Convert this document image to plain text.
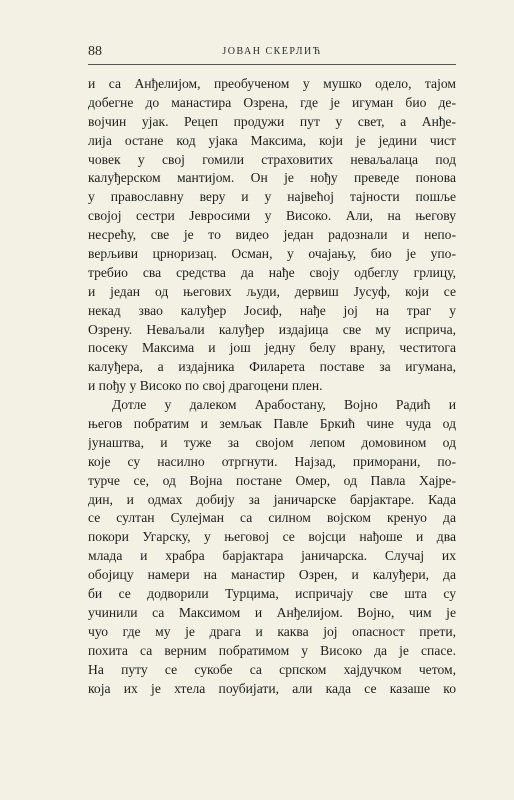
88	ЈОВАН СКЕРЛИЋ
и са Анђелијом, преобученом у мушко одело, тајом
добегне до манастира Озрена, где је игуман био де-
војчин ујак. Рецеп продужи пут у свет, а Анђе-
лија остане код ујака Максима, који је једини чист
човек у свој гомили страховитих неваљалаца под
калуђерском мантијом. Он је нођу преведе понова
у православну веру и у највећој тајности пошље
својој сестри Јевросими у Високо. Али, на његову
несрећу, све је то видео један радознали и непо-
верљиви црноризац. Осман, у очајању, био је упо-
требио сва средства да нађе своју одбеглу грлицу,
и један од његових људи, дервиш Јусуф, који се
некад звао калуђер Јосиф, нађе јој на траг у
Озрену. Неваљали калуђер издајица све му исприча,
посеку Максима и још једну белу врану, честитога
калуђера, а издајника Филарета поставе за игумана,
и пођу у Високо по свој драгоцени плен.
Дотле у далеком Арабостану, Војно Радић и
његов побратим и земљак Павле Бркић чине чуда од
јунаштва, и туже за својом лепом домовином од
које су насилно отргнути. Најзад, приморани, по-
турче се, од Војна постане Омер, од Павла Хајре-
дин, и одмах добију за јаничарске барјактаре. Када
се султан Сулејман са силном војском кренуо да
покори Угарску, у његовој се војсци нађоше и два
млада и храбра барјактара јаничарска. Случај их
обојицу намери на манастир Озрен, и калуђери, да
би се додворили Турцима, испричају све шта су
учинили са Максимом и Анђелијом. Војно, чим је
чуо где му је драга и каква јој опасност прети,
похита са верним побратимом у Високо да је спасе.
На путу се сукобе са српском хајдучком четом,
која их је хтела поубијати, али када се казаше ко
